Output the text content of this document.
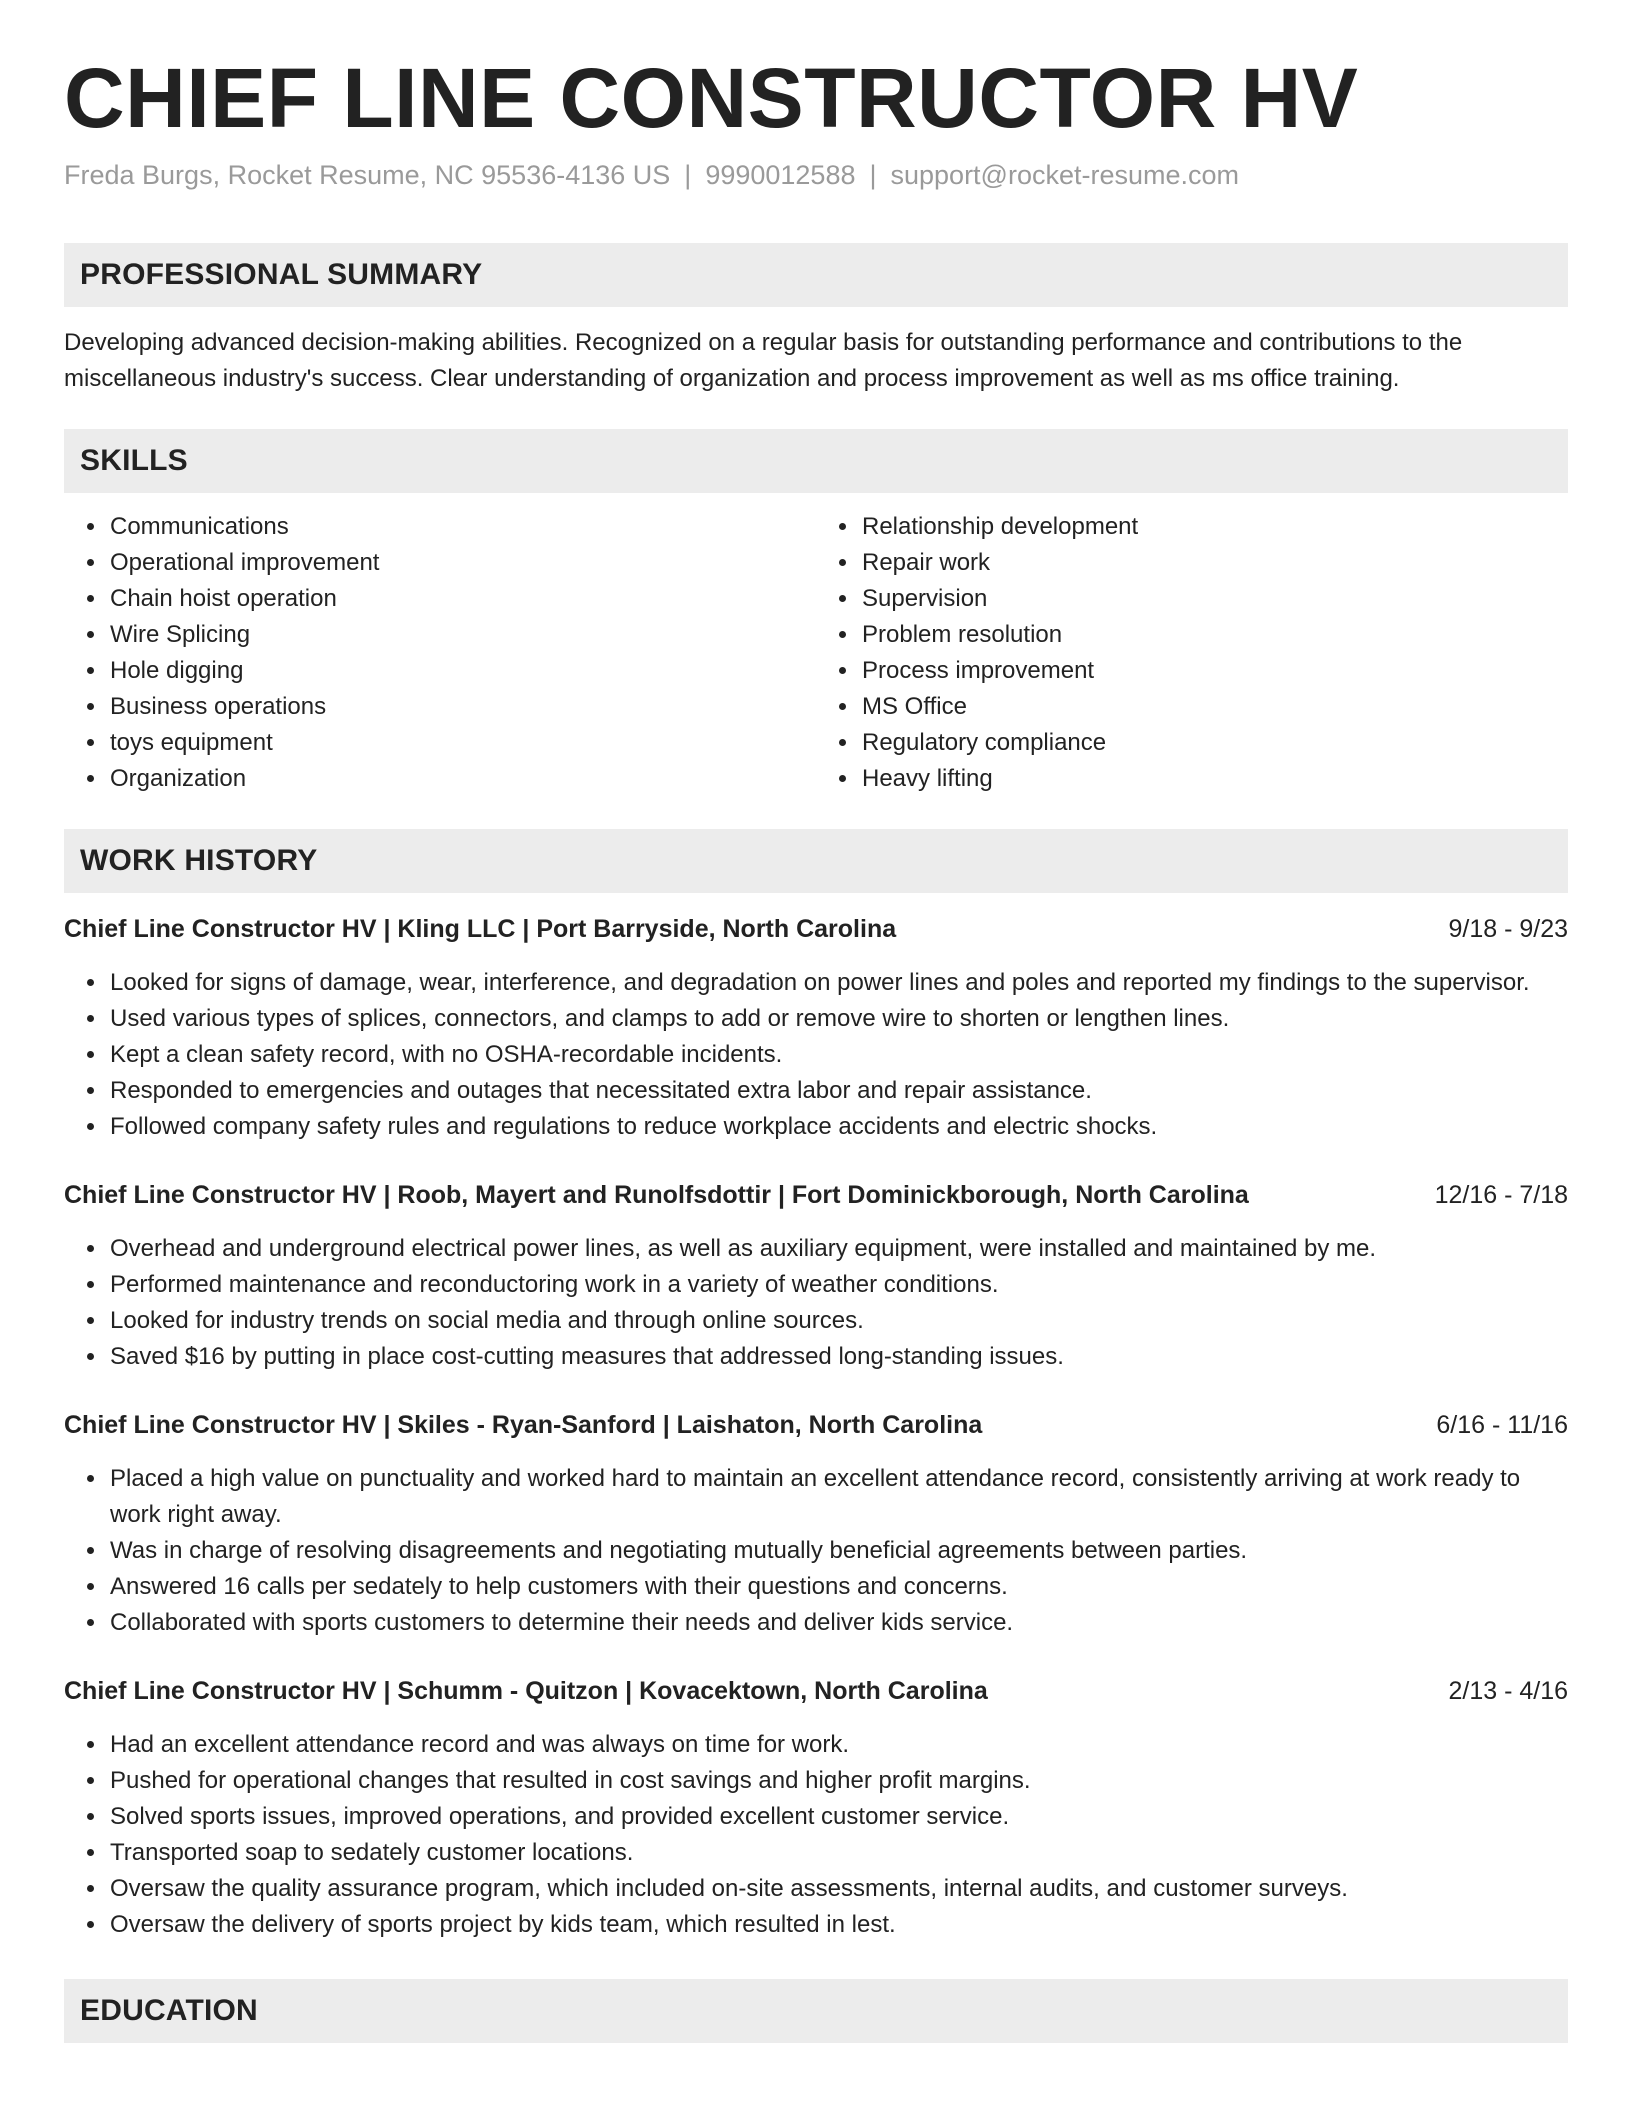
CHIEF LINE CONSTRUCTOR HV
Freda Burgs, Rocket Resume, NC 95536-4136 US | 9990012588 | support@rocket-resume.com
PROFESSIONAL SUMMARY
Developing advanced decision-making abilities. Recognized on a regular basis for outstanding performance and contributions to the miscellaneous industry's success. Clear understanding of organization and process improvement as well as ms office training.
SKILLS
• Communications
• Operational improvement
• Chain hoist operation
• Wire Splicing
• Hole digging
• Business operations
• toys equipment
• Organization
• Relationship development
• Repair work
• Supervision
• Problem resolution
• Process improvement
• MS Office
• Regulatory compliance
• Heavy lifting
WORK HISTORY
Chief Line Constructor HV | Kling LLC | Port Barryside, North Carolina	9/18 - 9/23
• Looked for signs of damage, wear, interference, and degradation on power lines and poles and reported my findings to the supervisor.
• Used various types of splices, connectors, and clamps to add or remove wire to shorten or lengthen lines.
• Kept a clean safety record, with no OSHA-recordable incidents.
• Responded to emergencies and outages that necessitated extra labor and repair assistance.
• Followed company safety rules and regulations to reduce workplace accidents and electric shocks.
Chief Line Constructor HV | Roob, Mayert and Runolfsdottir | Fort Dominickborough, North Carolina	12/16 - 7/18
• Overhead and underground electrical power lines, as well as auxiliary equipment, were installed and maintained by me.
• Performed maintenance and reconductoring work in a variety of weather conditions.
• Looked for industry trends on social media and through online sources.
• Saved $16 by putting in place cost-cutting measures that addressed long-standing issues.
Chief Line Constructor HV | Skiles - Ryan-Sanford | Laishaton, North Carolina	6/16 - 11/16
• Placed a high value on punctuality and worked hard to maintain an excellent attendance record, consistently arriving at work ready to work right away.
• Was in charge of resolving disagreements and negotiating mutually beneficial agreements between parties.
• Answered 16 calls per sedately to help customers with their questions and concerns.
• Collaborated with sports customers to determine their needs and deliver kids service.
Chief Line Constructor HV | Schumm - Quitzon | Kovacektown, North Carolina	2/13 - 4/16
• Had an excellent attendance record and was always on time for work.
• Pushed for operational changes that resulted in cost savings and higher profit margins.
• Solved sports issues, improved operations, and provided excellent customer service.
• Transported soap to sedately customer locations.
• Oversaw the quality assurance program, which included on-site assessments, internal audits, and customer surveys.
• Oversaw the delivery of sports project by kids team, which resulted in lest.
EDUCATION
